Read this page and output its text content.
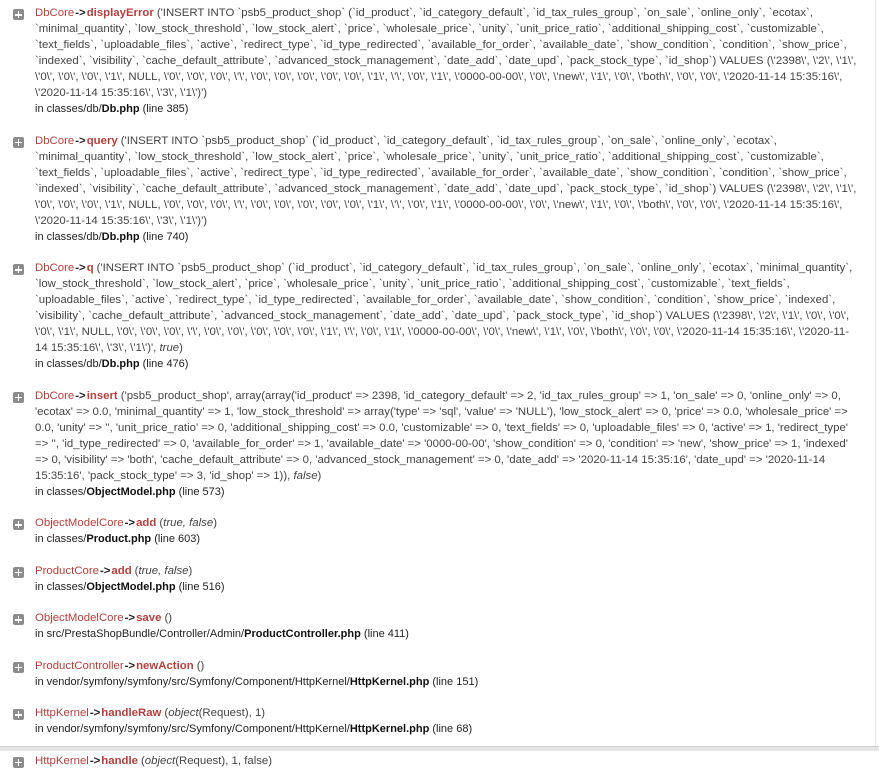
DbCore->displayError ('INSERT INTO `psb5_product_shop` (`id_product`, `id_category_default`, `id_tax_rules_group`, `on_sale`, `online_only`, `ecotax`, `minimal_quantity`, `low_stock_threshold`, `low_stock_alert`, `price`, `wholesale_price`, `unity`, `unit_price_ratio`, `additional_shipping_cost`, `customizable`, `text_fields`, `uploadable_files`, `active`, `redirect_type`, `id_type_redirected`, `available_for_order`, `available_date`, `show_condition`, `condition`, `show_price`, `indexed`, `visibility`, `cache_default_attribute`, `advanced_stock_management`, `date_add`, `date_upd`, `pack_stock_type`, `id_shop`) VALUES (\'2398\', \'2\', \'1\', \'0\', \'0\', \'0\', \'1\', NULL, \'0\', \'0\', \'0\', \'\', \'0\', \'0\', \'0\', \'0\', \'0\', \'1\', \'\', \'0\', \'1\', \'0000-00-00\', \'0\', \'new\', \'1\', \'0\', \'both\', \'0\', \'0\', \'2020-11-14 15:35:16\', \'2020-11-14 15:35:16\', \'3\', \'1\')')
in classes/db/Db.php (line 385)
DbCore->query ('INSERT INTO `psb5_product_shop` (`id_product`, `id_category_default`, `id_tax_rules_group`, `on_sale`, `online_only`, `ecotax`, `minimal_quantity`, `low_stock_threshold`, `low_stock_alert`, `price`, `wholesale_price`, `unity`, `unit_price_ratio`, `additional_shipping_cost`, `customizable`, `text_fields`, `uploadable_files`, `active`, `redirect_type`, `id_type_redirected`, `available_for_order`, `available_date`, `show_condition`, `condition`, `show_price`, `indexed`, `visibility`, `cache_default_attribute`, `advanced_stock_management`, `date_add`, `date_upd`, `pack_stock_type`, `id_shop`) VALUES (\'2398\', \'2\', \'1\', \'0\', \'0\', \'0\', \'1\', NULL, \'0\', \'0\', \'0\', \'\', \'0\', \'0\', \'0\', \'0\', \'0\', \'1\', \'\', \'0\', \'1\', \'0000-00-00\', \'0\', \'new\', \'1\', \'0\', \'both\', \'0\', \'0\', \'2020-11-14 15:35:16\', \'2020-11-14 15:35:16\', \'3\', \'1\')')
in classes/db/Db.php (line 740)
DbCore->q ('INSERT INTO `psb5_product_shop` (`id_product`, `id_category_default`, `id_tax_rules_group`, `on_sale`, `online_only`, `ecotax`, `minimal_quantity`, `low_stock_threshold`, `low_stock_alert`, `price`, `wholesale_price`, `unity`, `unit_price_ratio`, `additional_shipping_cost`, `customizable`, `text_fields`, `uploadable_files`, `active`, `redirect_type`, `id_type_redirected`, `available_for_order`, `available_date`, `show_condition`, `condition`, `show_price`, `indexed`, `visibility`, `cache_default_attribute`, `advanced_stock_management`, `date_add`, `date_upd`, `pack_stock_type`, `id_shop`) VALUES (\'2398\', \'2\', \'1\', \'0\', \'0\', \'0\', \'1\', NULL, \'0\', \'0\', \'0\', \'\', \'0\', \'0\', \'0\', \'0\', \'0\', \'1\', \'\', \'0\', \'1\', \'0000-00-00\', \'0\', \'new\', \'1\', \'0\', \'both\', \'0\', \'0\', \'2020-11-14 15:35:16\', \'2020-11-14 15:35:16\', \'3\', \'1\')', true)
in classes/db/Db.php (line 476)
DbCore->insert ('psb5_product_shop', array(array('id_product' => 2398, 'id_category_default' => 2, 'id_tax_rules_group' => 1, 'on_sale' => 0, 'online_only' => 0, 'ecotax' => 0.0, 'minimal_quantity' => 1, 'low_stock_threshold' => array('type' => 'sql', 'value' => 'NULL'), 'low_stock_alert' => 0, 'price' => 0.0, 'wholesale_price' => 0.0, 'unity' => '', 'unit_price_ratio' => 0, 'additional_shipping_cost' => 0.0, 'customizable' => 0, 'text_fields' => 0, 'uploadable_files' => 0, 'active' => 1, 'redirect_type' => '', 'id_type_redirected' => 0, 'available_for_order' => 1, 'available_date' => '0000-00-00', 'show_condition' => 0, 'condition' => 'new', 'show_price' => 1, 'indexed' => 0, 'visibility' => 'both', 'cache_default_attribute' => 0, 'advanced_stock_management' => 0, 'date_add' => '2020-11-14 15:35:16', 'date_upd' => '2020-11-14 15:35:16', 'pack_stock_type' => 3, 'id_shop' => 1)), false)
in classes/ObjectModel.php (line 573)
ObjectModelCore->add (true, false)
in classes/Product.php (line 603)
ProductCore->add (true, false)
in classes/ObjectModel.php (line 516)
ObjectModelCore->save ()
in src/PrestaShopBundle/Controller/Admin/ProductController.php (line 411)
ProductController->newAction ()
in vendor/symfony/symfony/src/Symfony/Component/HttpKernel/HttpKernel.php (line 151)
HttpKernel->handleRaw (object(Request), 1)
in vendor/symfony/symfony/src/Symfony/Component/HttpKernel/HttpKernel.php (line 68)
HttpKernel->handle (object(Request), 1, false)
